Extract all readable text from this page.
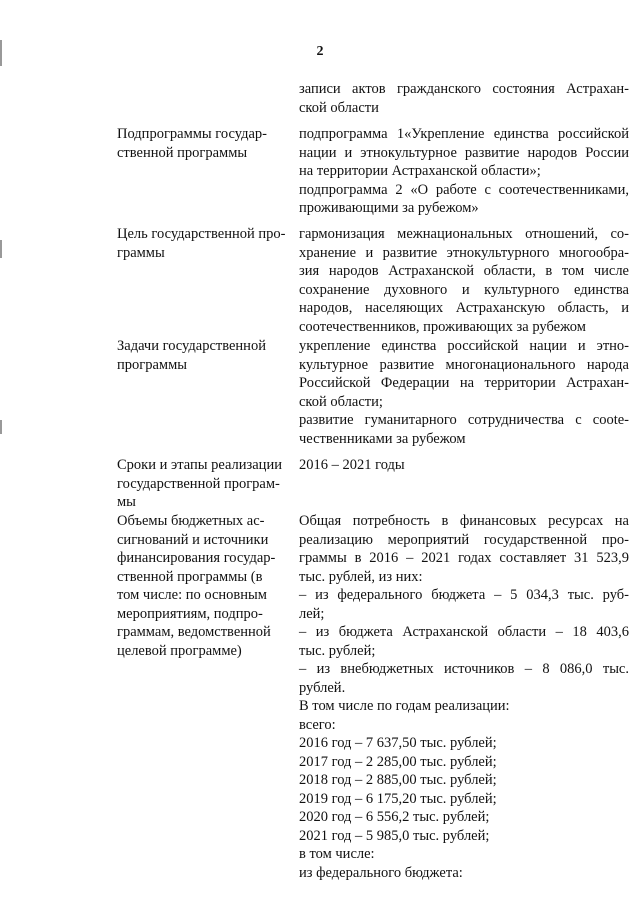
2
записи актов гражданского состояния Астрахан-
ской области
Подпрограммы государ-
ственной программы
подпрограмма 1«Укрепление единства российской
нации и этнокультурное развитие народов России
на территории Астраханской области»;
подпрограмма 2 «О работе с соотечественниками,
проживающими за рубежом»
Цель государственной про-
граммы
гармонизация межнациональных отношений, со-
хранение и развитие этнокультурного многообра-
зия народов Астраханской области, в том числе
сохранение духовного и культурного единства
народов, населяющих Астраханскую область, и
соотечественников, проживающих за рубежом
Задачи государственной
программы
укрепление единства российской нации и этно-
культурное развитие многонационального народа
Российской Федерации на территории Астрахан-
ской области;
развитие гуманитарного сотрудничества с соote-
чественниками за рубежом
Сроки и этапы реализации
государственной програм-
мы
2016 – 2021 годы
Объемы бюджетных ас-
сигнований и источники
финансирования государ-
ственной программы (в
том числе: по основным
мероприятиям, подпро-
граммам, ведомственной
целевой программе)
Общая потребность в финансовых ресурсах на
реализацию мероприятий государственной про-
граммы в 2016 – 2021 годах составляет 31 523,9
тыс. рублей, из них:
– из федерального бюджета – 5 034,3 тыс. руб-
лей;
– из бюджета Астраханской области – 18 403,6
тыс. рублей;
– из внебюджетных источников – 8 086,0 тыс.
рублей.
В том числе по годам реализации:
всего:
2016 год – 7 637,50 тыс. рублей;
2017 год – 2 285,00 тыс. рублей;
2018 год – 2 885,00 тыс. рублей;
2019 год – 6 175,20 тыс. рублей;
2020 год – 6 556,2 тыс. рублей;
2021 год – 5 985,0 тыс. рублей;
в том числе:
из федерального бюджета:
